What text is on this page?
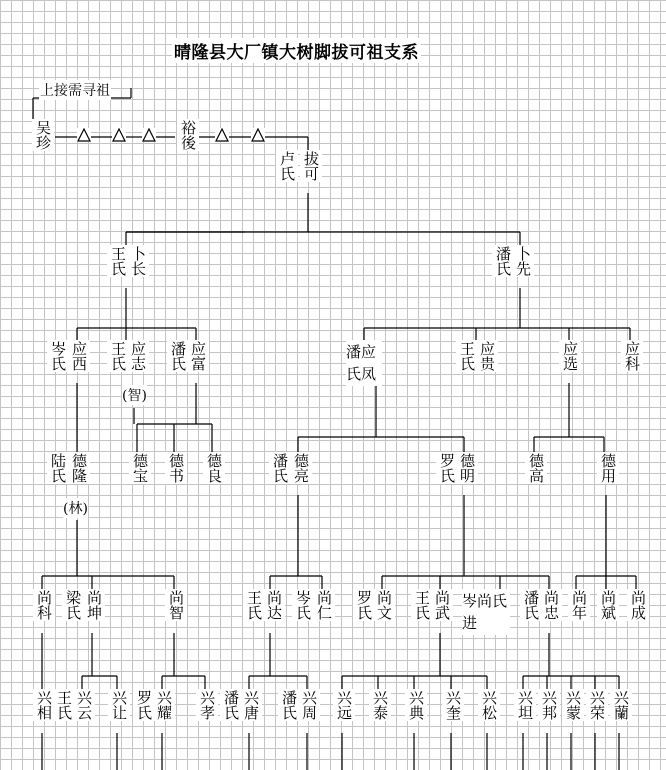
晴隆县大厂镇大树脚拔可祖支系
上接需寻祖
吴珍	裕後
卢氏 拔可
王氏 卜长	潘氏 卜先
岑氏 应西 王氏 应志
(智)
潘氏 应富	潘应氏凤
王氏 应贵	应选	应科
陆氏 德隆
(林)
德宝 德书 德良	潘氏 德亮	罗氏 德明	德高	德用
尚科 梁氏 尚坤	尚智	王氏 尚达 岑氏 尚仁 罗氏 尚文 王氏 尚武 岑尚氏进
潘氏 尚忠 尚年 尚斌 尚成
兴相 王氏 兴云 兴让 罗氏 兴耀 兴孝 潘氏 兴唐 潘氏 兴周 兴远 兴泰 兴典 兴奎 兴松 兴坦 兴邦 兴蒙 兴荣 兴蘭
